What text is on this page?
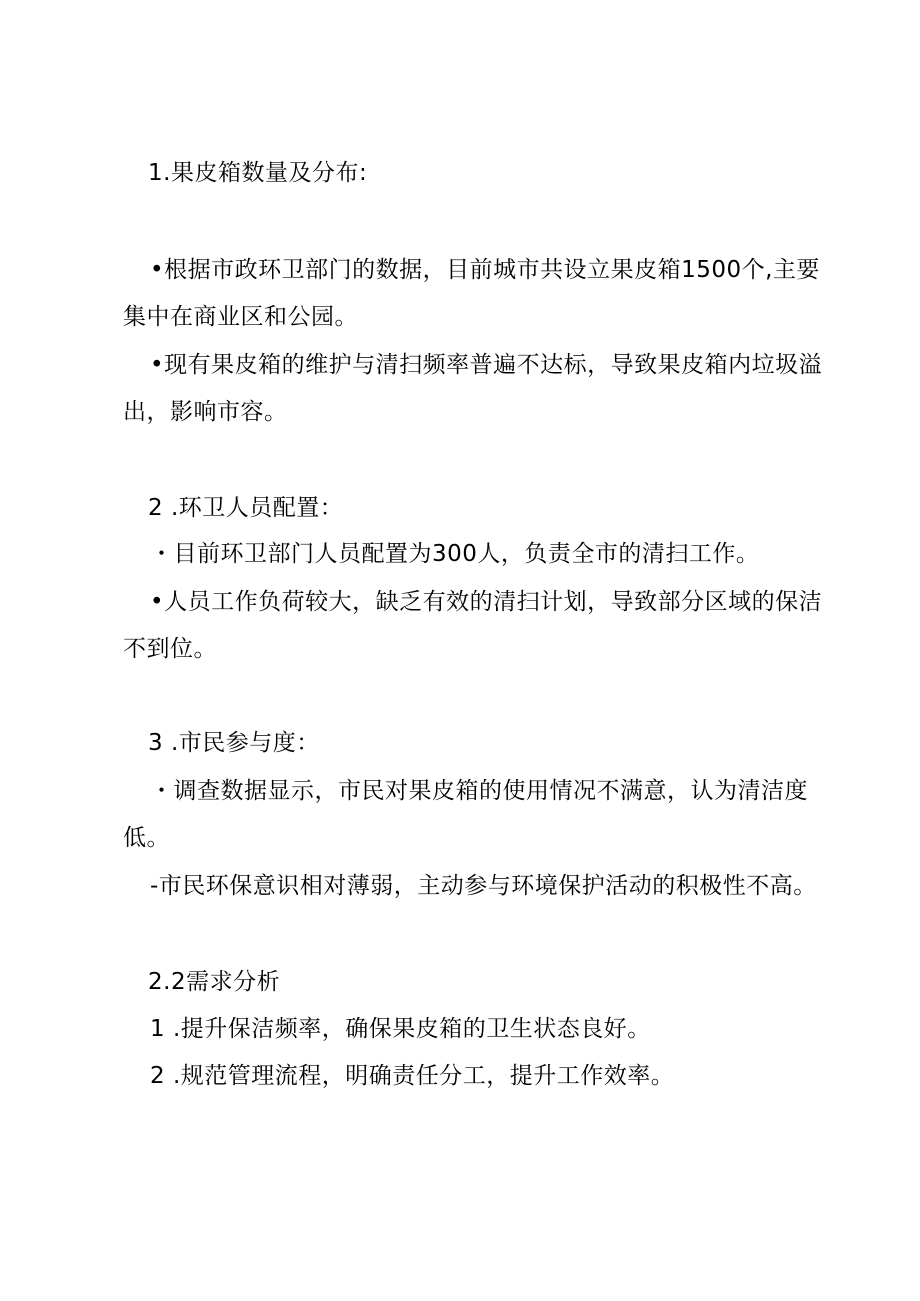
1.果皮箱数量及分布:

•根据市政环卫部门的数据，目前城市共设立果皮箱1500个,主要

集中在商业区和公园。

•现有果皮箱的维护与清扫频率普遍不达标，导致果皮箱内垃圾溢

出，影响市容。

2 .环卫人员配置：

・目前环卫部门人员配置为300人，负责全市的清扫工作。

•人员工作负荷较大，缺乏有效的清扫计划，导致部分区域的保洁

不到位。

3 .市民参与度：

・调查数据显示，市民对果皮箱的使用情况不满意，认为清洁度

低。

-市民环保意识相对薄弱，主动参与环境保护活动的积极性不高。

2.2需求分析

1 .提升保洁频率，确保果皮箱的卫生状态良好。

2 .规范管理流程，明确责任分工，提升工作效率。
